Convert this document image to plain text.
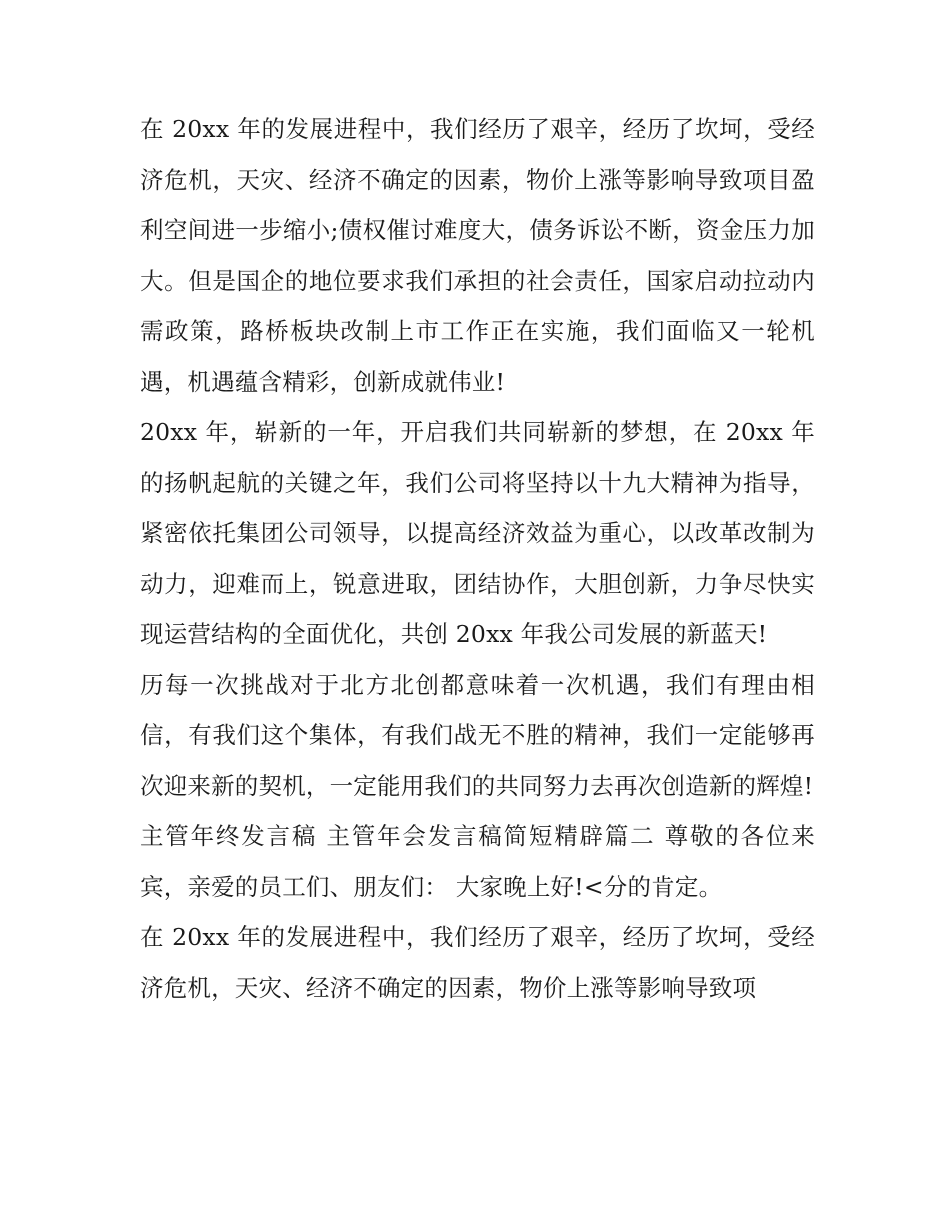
在 20xx 年的发展进程中，我们经历了艰辛，经历了坎坷，受经济危机，天灾、经济不确定的因素，物价上涨等影响导致项目盈利空间进一步缩小;债权催讨难度大，债务诉讼不断，资金压力加大。但是国企的地位要求我们承担的社会责任，国家启动拉动内需政策，路桥板块改制上市工作正在实施，我们面临又一轮机遇，机遇蕴含精彩，创新成就伟业!

20xx 年，崭新的一年，开启我们共同崭新的梦想，在 20xx 年的扬帆起航的关键之年，我们公司将坚持以十九大精神为指导，紧密依托集团公司领导，以提高经济效益为重心，以改革改制为动力，迎难而上，锐意进取，团结协作，大胆创新，力争尽快实现运营结构的全面优化，共创 20xx 年我公司发展的新蓝天!

历每一次挑战对于北方北创都意味着一次机遇，我们有理由相信，有我们这个集体，有我们战无不胜的精神，我们一定能够再次迎来新的契机，一定能用我们的共同努力去再次创造新的辉煌!

主管年终发言稿 主管年会发言稿简短精辟篇二 尊敬的各位来宾，亲爱的员工们、朋友们： 大家晚上好!<分的肯定。

在 20xx 年的发展进程中，我们经历了艰辛，经历了坎坷，受经济危机，天灾、经济不确定的因素，物价上涨等影响导致项
